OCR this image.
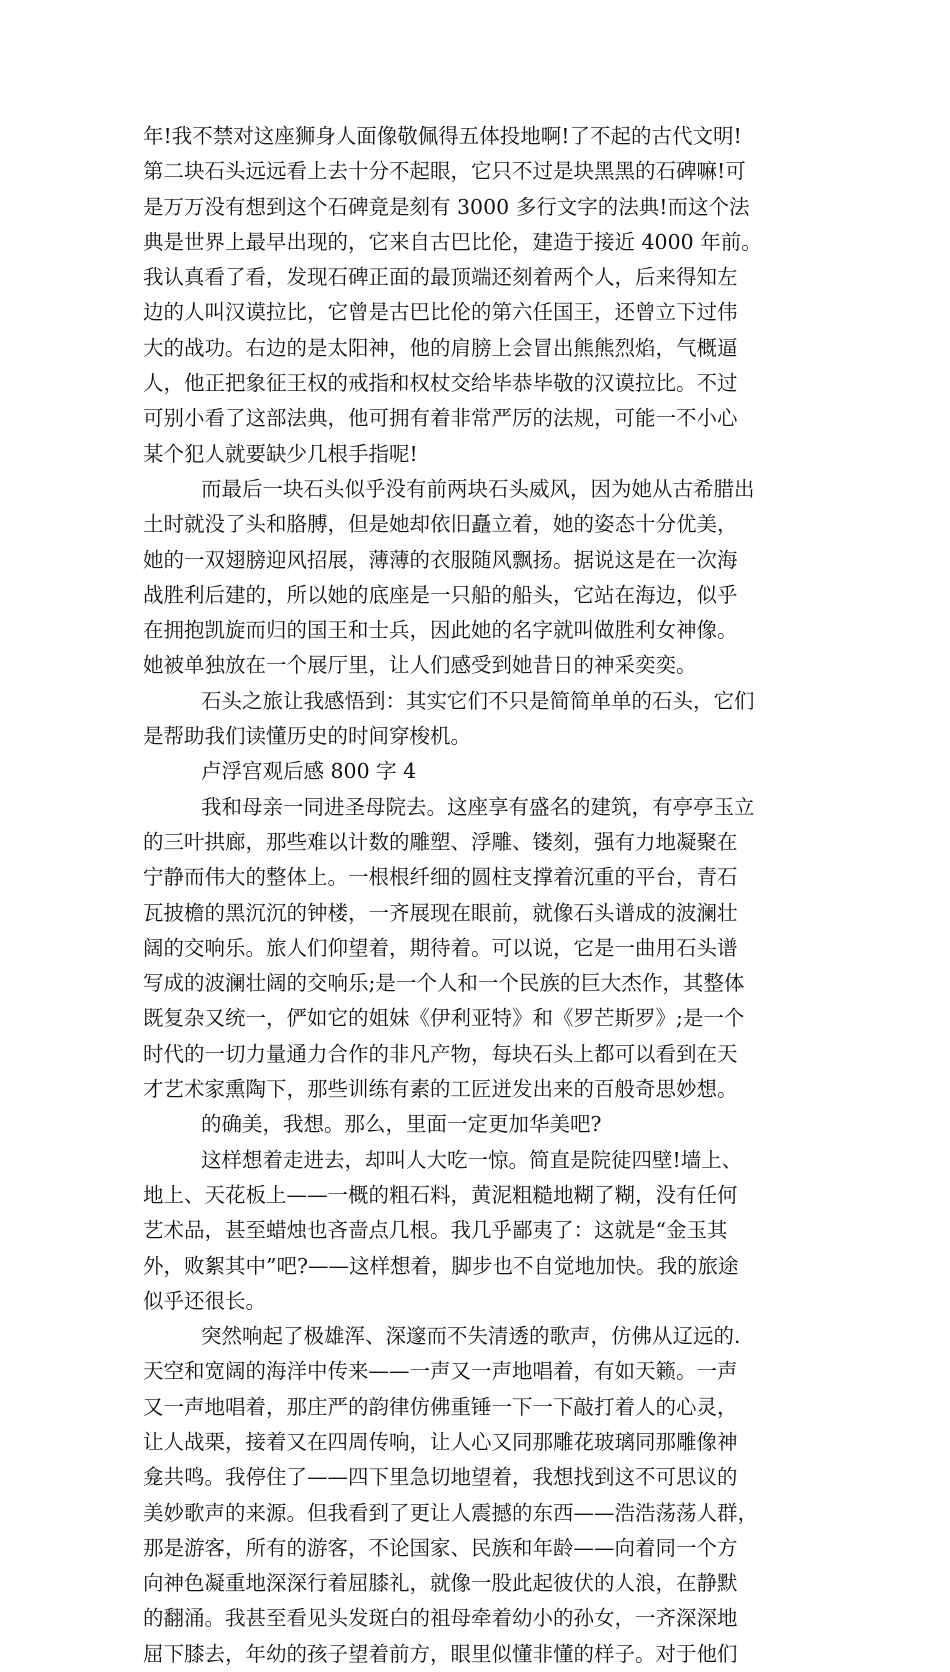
年!我不禁对这座狮身人面像敬佩得五体投地啊!了不起的古代文明!
第二块石头远远看上去十分不起眼，它只不过是块黑黑的石碑嘛!可
是万万没有想到这个石碑竟是刻有 3000 多行文字的法典!而这个法
典是世界上最早出现的，它来自古巴比伦，建造于接近 4000 年前。
我认真看了看，发现石碑正面的最顶端还刻着两个人，后来得知左
边的人叫汉谟拉比，它曾是古巴比伦的第六任国王，还曾立下过伟
大的战功。右边的是太阳神，他的肩膀上会冒出熊熊烈焰，气概逼
人，他正把象征王权的戒指和权杖交给毕恭毕敬的汉谟拉比。不过
可别小看了这部法典，他可拥有着非常严厉的法规，可能一不小心
某个犯人就要缺少几根手指呢!
而最后一块石头似乎没有前两块石头威风，因为她从古希腊出
土时就没了头和胳膊，但是她却依旧矗立着，她的姿态十分优美，
她的一双翅膀迎风招展，薄薄的衣服随风飘扬。据说这是在一次海
战胜利后建的，所以她的底座是一只船的船头，它站在海边，似乎
在拥抱凯旋而归的国王和士兵，因此她的名字就叫做胜利女神像。
她被单独放在一个展厅里，让人们感受到她昔日的神采奕奕。
石头之旅让我感悟到：其实它们不只是简简单单的石头，它们
是帮助我们读懂历史的时间穿梭机。
卢浮宫观后感 800 字 4
我和母亲一同进圣母院去。这座享有盛名的建筑，有亭亭玉立
的三叶拱廊，那些难以计数的雕塑、浮雕、镂刻，强有力地凝聚在
宁静而伟大的整体上。一根根纤细的圆柱支撑着沉重的平台，青石
瓦披檐的黑沉沉的钟楼，一齐展现在眼前，就像石头谱成的波澜壮
阔的交响乐。旅人们仰望着，期待着。可以说，它是一曲用石头谱
写成的波澜壮阔的交响乐;是一个人和一个民族的巨大杰作，其整体
既复杂又统一，俨如它的姐妹《伊利亚特》和《罗芒斯罗》;是一个
时代的一切力量通力合作的非凡产物，每块石头上都可以看到在天
才艺术家熏陶下，那些训练有素的工匠迸发出来的百般奇思妙想。
的确美，我想。那么，里面一定更加华美吧?
这样想着走进去，却叫人大吃一惊。简直是院徒四壁!墙上、
地上、天花板上——一概的粗石料，黄泥粗糙地糊了糊，没有任何
艺术品，甚至蜡烛也吝啬点几根。我几乎鄙夷了：这就是“金玉其
外，败絮其中”吧?——这样想着，脚步也不自觉地加快。我的旅途
似乎还很长。
突然响起了极雄浑、深邃而不失清透的歌声，仿佛从辽远的.
天空和宽阔的海洋中传来——一声又一声地唱着，有如天籁。一声
又一声地唱着，那庄严的韵律仿佛重锤一下一下敲打着人的心灵，
让人战栗，接着又在四周传响，让人心又同那雕花玻璃同那雕像神
龛共鸣。我停住了——四下里急切地望着，我想找到这不可思议的
美妙歌声的来源。但我看到了更让人震撼的东西——浩浩荡荡人群，
那是游客，所有的游客，不论国家、民族和年龄——向着同一个方
向神色凝重地深深行着屈膝礼，就像一股此起彼伏的人浪，在静默
的翻涌。我甚至看见头发斑白的祖母牵着幼小的孙女，一齐深深地
屈下膝去，年幼的孩子望着前方，眼里似懂非懂的样子。对于他们
